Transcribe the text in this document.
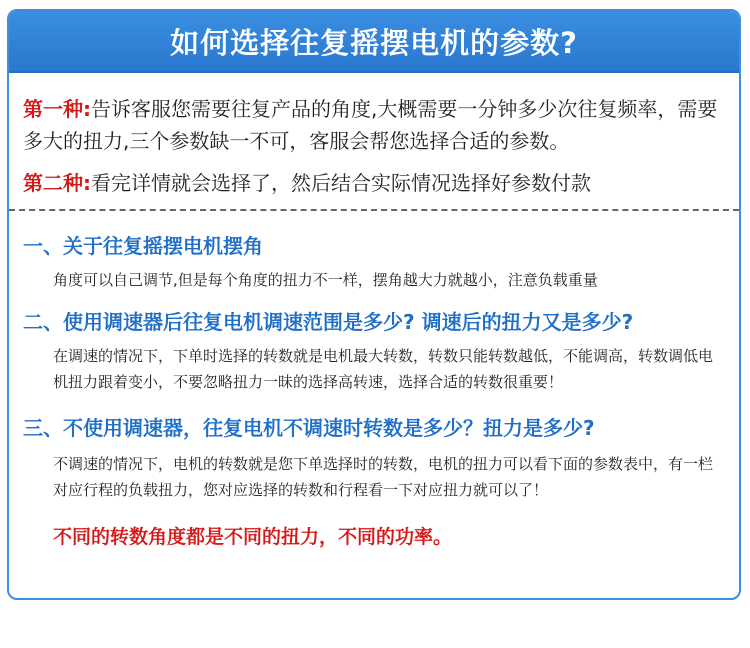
如何选择往复摇摆电机的参数?
第一种:告诉客服您需要往复产品的角度,大概需要一分钟多少次往复频率，需要多大的扭力,三个参数缺一不可，客服会帮您选择合适的参数。
第二种:看完详情就会选择了，然后结合实际情况选择好参数付款

一、关于往复摇摆电机摆角

角度可以自己调节,但是每个角度的扭力不一样，摆角越大力就越小，注意负载重量

二、使用调速器后往复电机调速范围是多少? 调速后的扭力又是多少?

在调速的情况下，下单时选择的转数就是电机最大转数，转数只能转数越低，不能调高，转数调低电机扭力跟着变小，不要忽略扭力一昧的选择高转速，选择合适的转数很重要！

三、不使用调速器，往复电机不调速时转数是多少？扭力是多少?

不调速的情况下，电机的转数就是您下单选择时的转数，电机的扭力可以看下面的参数表中，有一栏对应行程的负载扭力，您对应选择的转数和行程看一下对应扭力就可以了！

不同的转数角度都是不同的扭力，不同的功率。
